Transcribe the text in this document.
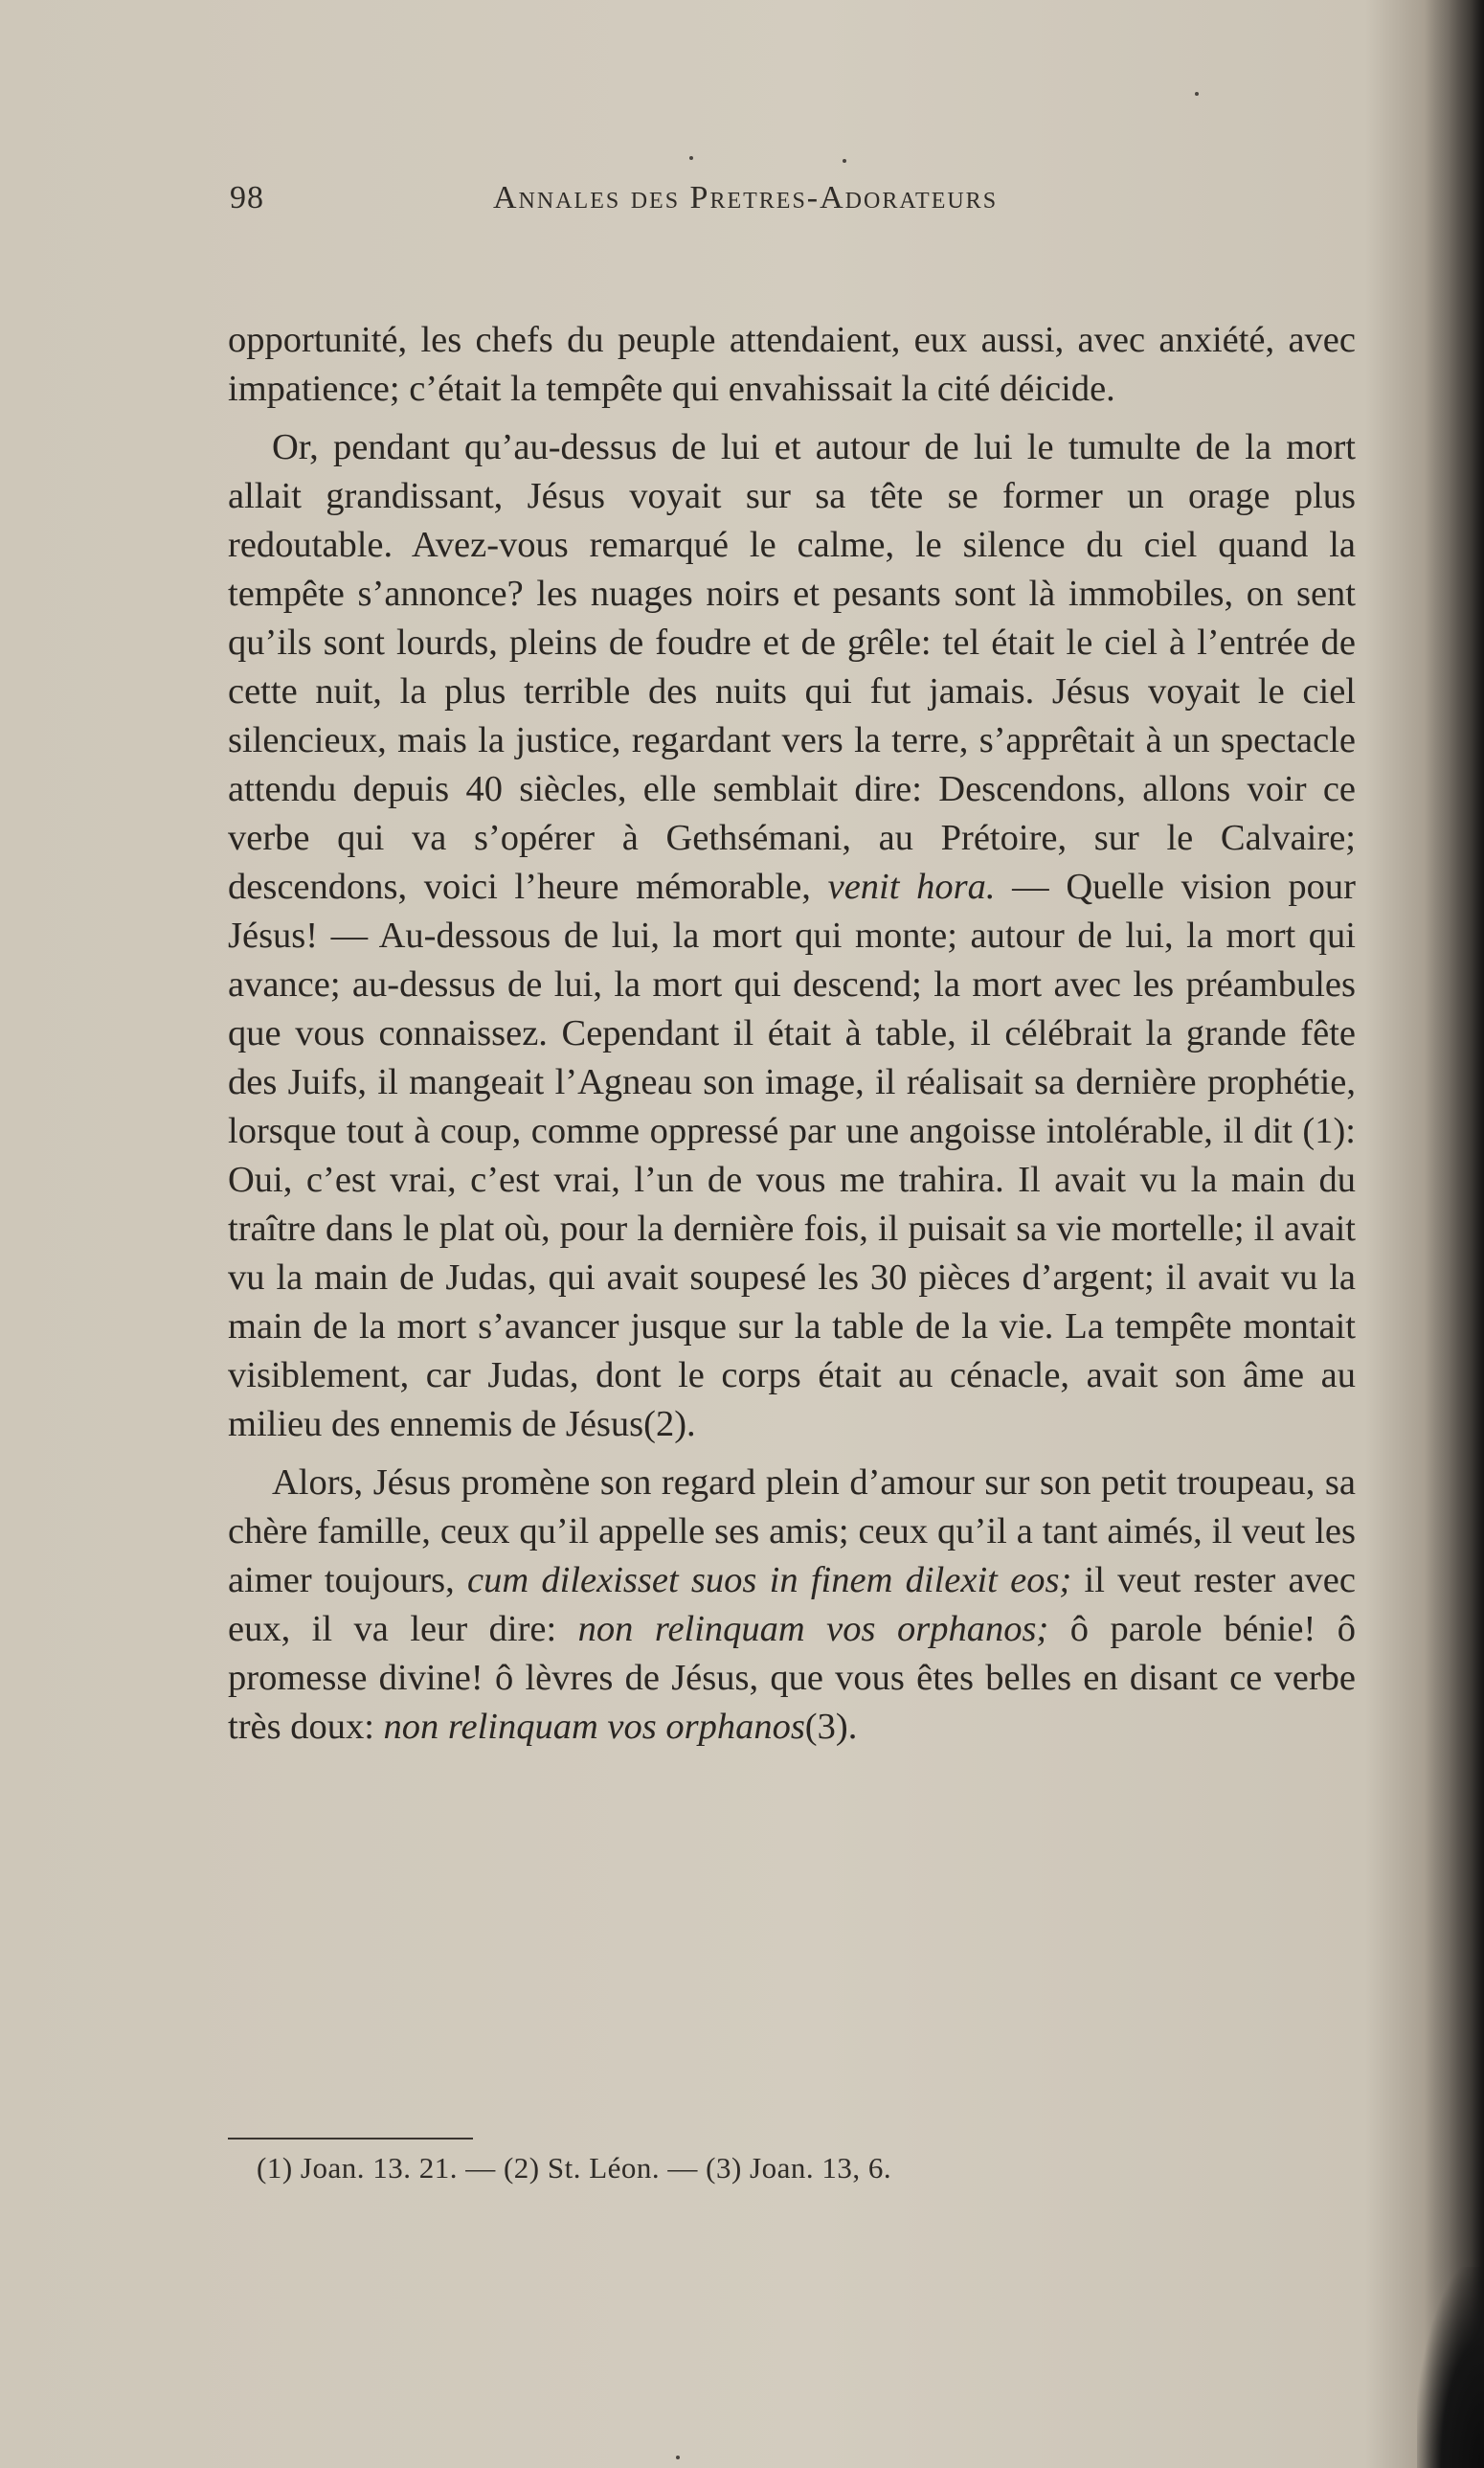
98	Annales des Pretres-Adorateurs

opportunité, les chefs du peuple attendaient, eux aussi, avec anxiété, avec impatience; c’était la tempête qui envahissait la cité déicide.

Or, pendant qu’au-dessus de lui et autour de lui le tumulte de la mort allait grandissant, Jésus voyait sur sa tête se former un orage plus redoutable. Avez-vous remarqué le calme, le silence du ciel quand la tempête s’annonce? les nuages noirs et pesants sont là immobiles, on sent qu’ils sont lourds, pleins de foudre et de grêle: tel était le ciel à l’entrée de cette nuit, la plus terrible des nuits qui fut jamais. Jésus voyait le ciel silencieux, mais la justice, regardant vers la terre, s’apprêtait à un spectacle attendu depuis 40 siècles, elle semblait dire: Descendons, allons voir ce verbe qui va s’opérer à Gethsémani, au Prétoire, sur le Calvaire; descendons, voici l’heure mémorable, venit hora. — Quelle vision pour Jésus! — Au-dessous de lui, la mort qui monte; autour de lui, la mort qui avance; au-dessus de lui, la mort qui descend; la mort avec les préambules que vous connaissez. Cependant il était à table, il célébrait la grande fête des Juifs, il mangeait l’Agneau son image, il réalisait sa dernière prophétie, lorsque tout à coup, comme oppressé par une angoisse intolérable, il dit (1): Oui, c’est vrai, c’est vrai, l’un de vous me trahira. Il avait vu la main du traître dans le plat où, pour la dernière fois, il puisait sa vie mortelle; il avait vu la main de Judas, qui avait soupesé les 30 pièces d’argent; il avait vu la main de la mort s’avancer jusque sur la table de la vie. La tempête montait visiblement, car Judas, dont le corps était au cénacle, avait son âme au milieu des ennemis de Jésus(2).

Alors, Jésus promène son regard plein d’amour sur son petit troupeau, sa chère famille, ceux qu’il appelle ses amis; ceux qu’il a tant aimés, il veut les aimer toujours, cum dilexisset suos in finem dilexit eos; il veut rester avec eux, il va leur dire: non relinquam vos orphanos; ô parole bénie! ô promesse divine! ô lèvres de Jésus, que vous êtes belles en disant ce verbe très doux: non relinquam vos orphanos(3).

(1) Joan. 13. 21. — (2) St. Léon. — (3) Joan. 13, 6.
